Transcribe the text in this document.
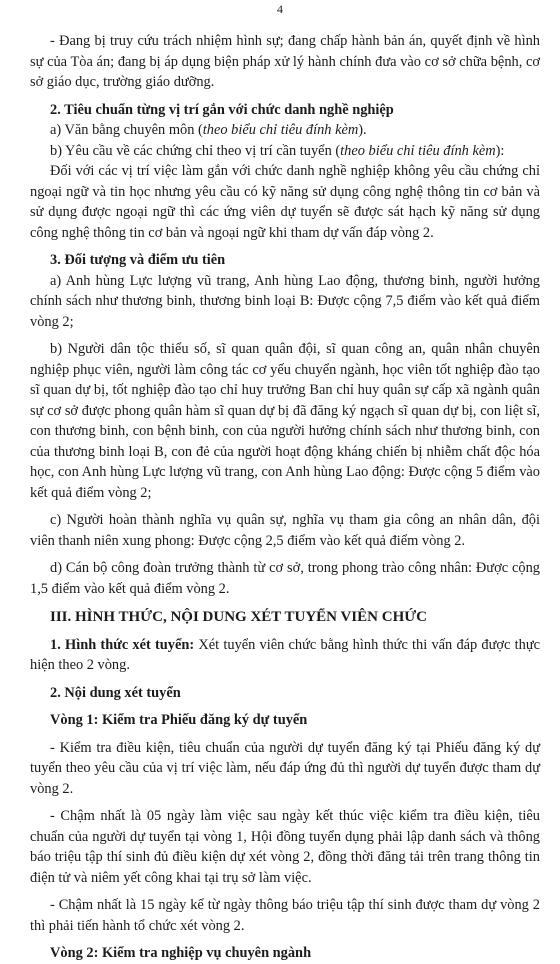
4

- Đang bị truy cứu trách nhiệm hình sự; đang chấp hành bản án, quyết định về hình sự của Tòa án; đang bị áp dụng biện pháp xử lý hành chính đưa vào cơ sở chữa bệnh, cơ sở giáo dục, trường giáo dưỡng.

2. Tiêu chuẩn từng vị trí gắn với chức danh nghề nghiệp

a) Văn bằng chuyên môn (theo biểu chỉ tiêu đính kèm).

b) Yêu cầu về các chứng chỉ theo vị trí cần tuyển (theo biểu chỉ tiêu đính kèm):

Đối với các vị trí việc làm gắn với chức danh nghề nghiệp không yêu cầu chứng chỉ ngoại ngữ và tin học nhưng yêu cầu có kỹ năng sử dụng công nghệ thông tin cơ bản và sử dụng được ngoại ngữ thì các ứng viên dự tuyển sẽ được sát hạch kỹ năng sử dụng công nghệ thông tin cơ bản và ngoại ngữ khi tham dự vấn đáp vòng 2.

3. Đối tượng và điểm ưu tiên

a) Anh hùng Lực lượng vũ trang, Anh hùng Lao động, thương binh, người hưởng chính sách như thương binh, thương binh loại B: Được cộng 7,5 điểm vào kết quả điểm vòng 2;

b) Người dân tộc thiểu số, sĩ quan quân đội, sĩ quan công an, quân nhân chuyên nghiệp phục viên, người làm công tác cơ yếu chuyển ngành, học viên tốt nghiệp đào tạo sĩ quan dự bị, tốt nghiệp đào tạo chỉ huy trưởng Ban chỉ huy quân sự cấp xã ngành quân sự cơ sở được phong quân hàm sĩ quan dự bị đã đăng ký ngạch sĩ quan dự bị, con liệt sĩ, con thương binh, con bệnh binh, con của người hưởng chính sách như thương binh, con của thương binh loại B, con đẻ của người hoạt động kháng chiến bị nhiễm chất độc hóa học, con Anh hùng Lực lượng vũ trang, con Anh hùng Lao động: Được cộng 5 điểm vào kết quả điểm vòng 2;

c) Người hoàn thành nghĩa vụ quân sự, nghĩa vụ tham gia công an nhân dân, đội viên thanh niên xung phong: Được cộng 2,5 điểm vào kết quả điểm vòng 2.

d) Cán bộ công đoàn trưởng thành từ cơ sở, trong phong trào công nhân: Được cộng 1,5 điểm vào kết quả điểm vòng 2.

III. HÌNH THỨC, NỘI DUNG XÉT TUYỂN VIÊN CHỨC

1. Hình thức xét tuyển: Xét tuyển viên chức bằng hình thức thi vấn đáp được thực hiện theo 2 vòng.

2. Nội dung xét tuyển

Vòng 1: Kiểm tra Phiếu đăng ký dự tuyển

- Kiểm tra điều kiện, tiêu chuẩn của người dự tuyển đăng ký tại Phiếu đăng ký dự tuyển theo yêu cầu của vị trí việc làm, nếu đáp ứng đủ thì người dự tuyển được tham dự vòng 2.

- Chậm nhất là 05 ngày làm việc sau ngày kết thúc việc kiểm tra điều kiện, tiêu chuẩn của người dự tuyển tại vòng 1, Hội đồng tuyển dụng phải lập danh sách và thông báo triệu tập thí sinh đủ điều kiện dự xét vòng 2, đồng thời đăng tải trên trang thông tin điện tử và niêm yết công khai tại trụ sở làm việc.

- Chậm nhất là 15 ngày kể từ ngày thông báo triệu tập thí sinh được tham dự vòng 2 thì phải tiến hành tổ chức xét vòng 2.

Vòng 2: Kiểm tra nghiệp vụ chuyên ngành
